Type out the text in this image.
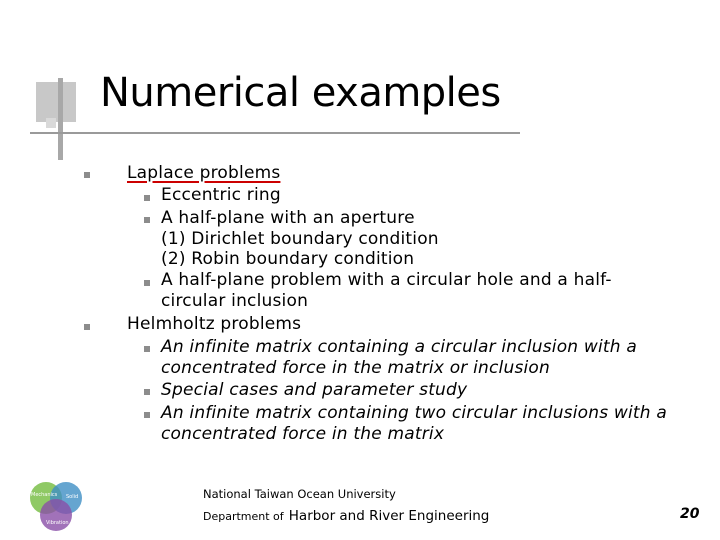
Numerical examples
Laplace problems
Eccentric ring
A half-plane with an aperture
(1) Dirichlet boundary condition
(2) Robin boundary condition
A half-plane problem with a circular hole and a half-
circular inclusion
Helmholtz problems
An infinite matrix containing a circular inclusion with a
concentrated force in the matrix or inclusion
Special cases and parameter study
An infinite matrix containing two circular inclusions with a
concentrated force in the matrix
Mechanics Solid
Vibration
National Taiwan Ocean University
Department of Harbor and River Engineering	20
